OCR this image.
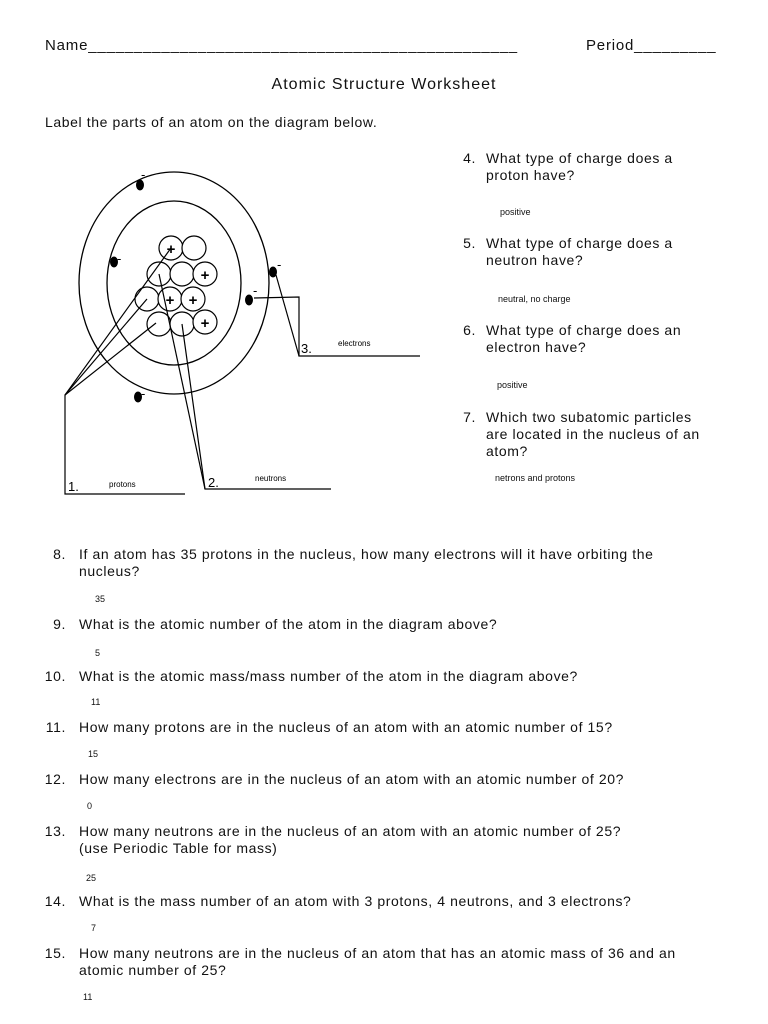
Name_______________________________________________	Period_________
Atomic Structure Worksheet
Label the parts of an atom on the diagram below.
+
+
+ +
+
-
-	-
-
-
1.	protons	2.	neutrons
3.	electrons
4. What type of charge does a
proton have?
positive
5. What type of charge does a
neutron have?
neutral, no charge
6. What type of charge does an
electron have?
positive
7. Which two subatomic particles
are located in the nucleus of an
atom?
netrons and protons
8. If an atom has 35 protons in the nucleus, how many electrons will it have orbiting the
nucleus?
35
9. What is the atomic number of the atom in the diagram above?
5
10. What is the atomic mass/mass number of the atom in the diagram above?
11
11. How many protons are in the nucleus of an atom with an atomic number of 15?
15
12. How many electrons are in the nucleus of an atom with an atomic number of 20?
0
13. How many neutrons are in the nucleus of an atom with an atomic number of 25?
(use Periodic Table for mass)
25
14. What is the mass number of an atom with 3 protons, 4 neutrons, and 3 electrons?
7
15. How many neutrons are in the nucleus of an atom that has an atomic mass of 36 and an
atomic number of 25?
11
